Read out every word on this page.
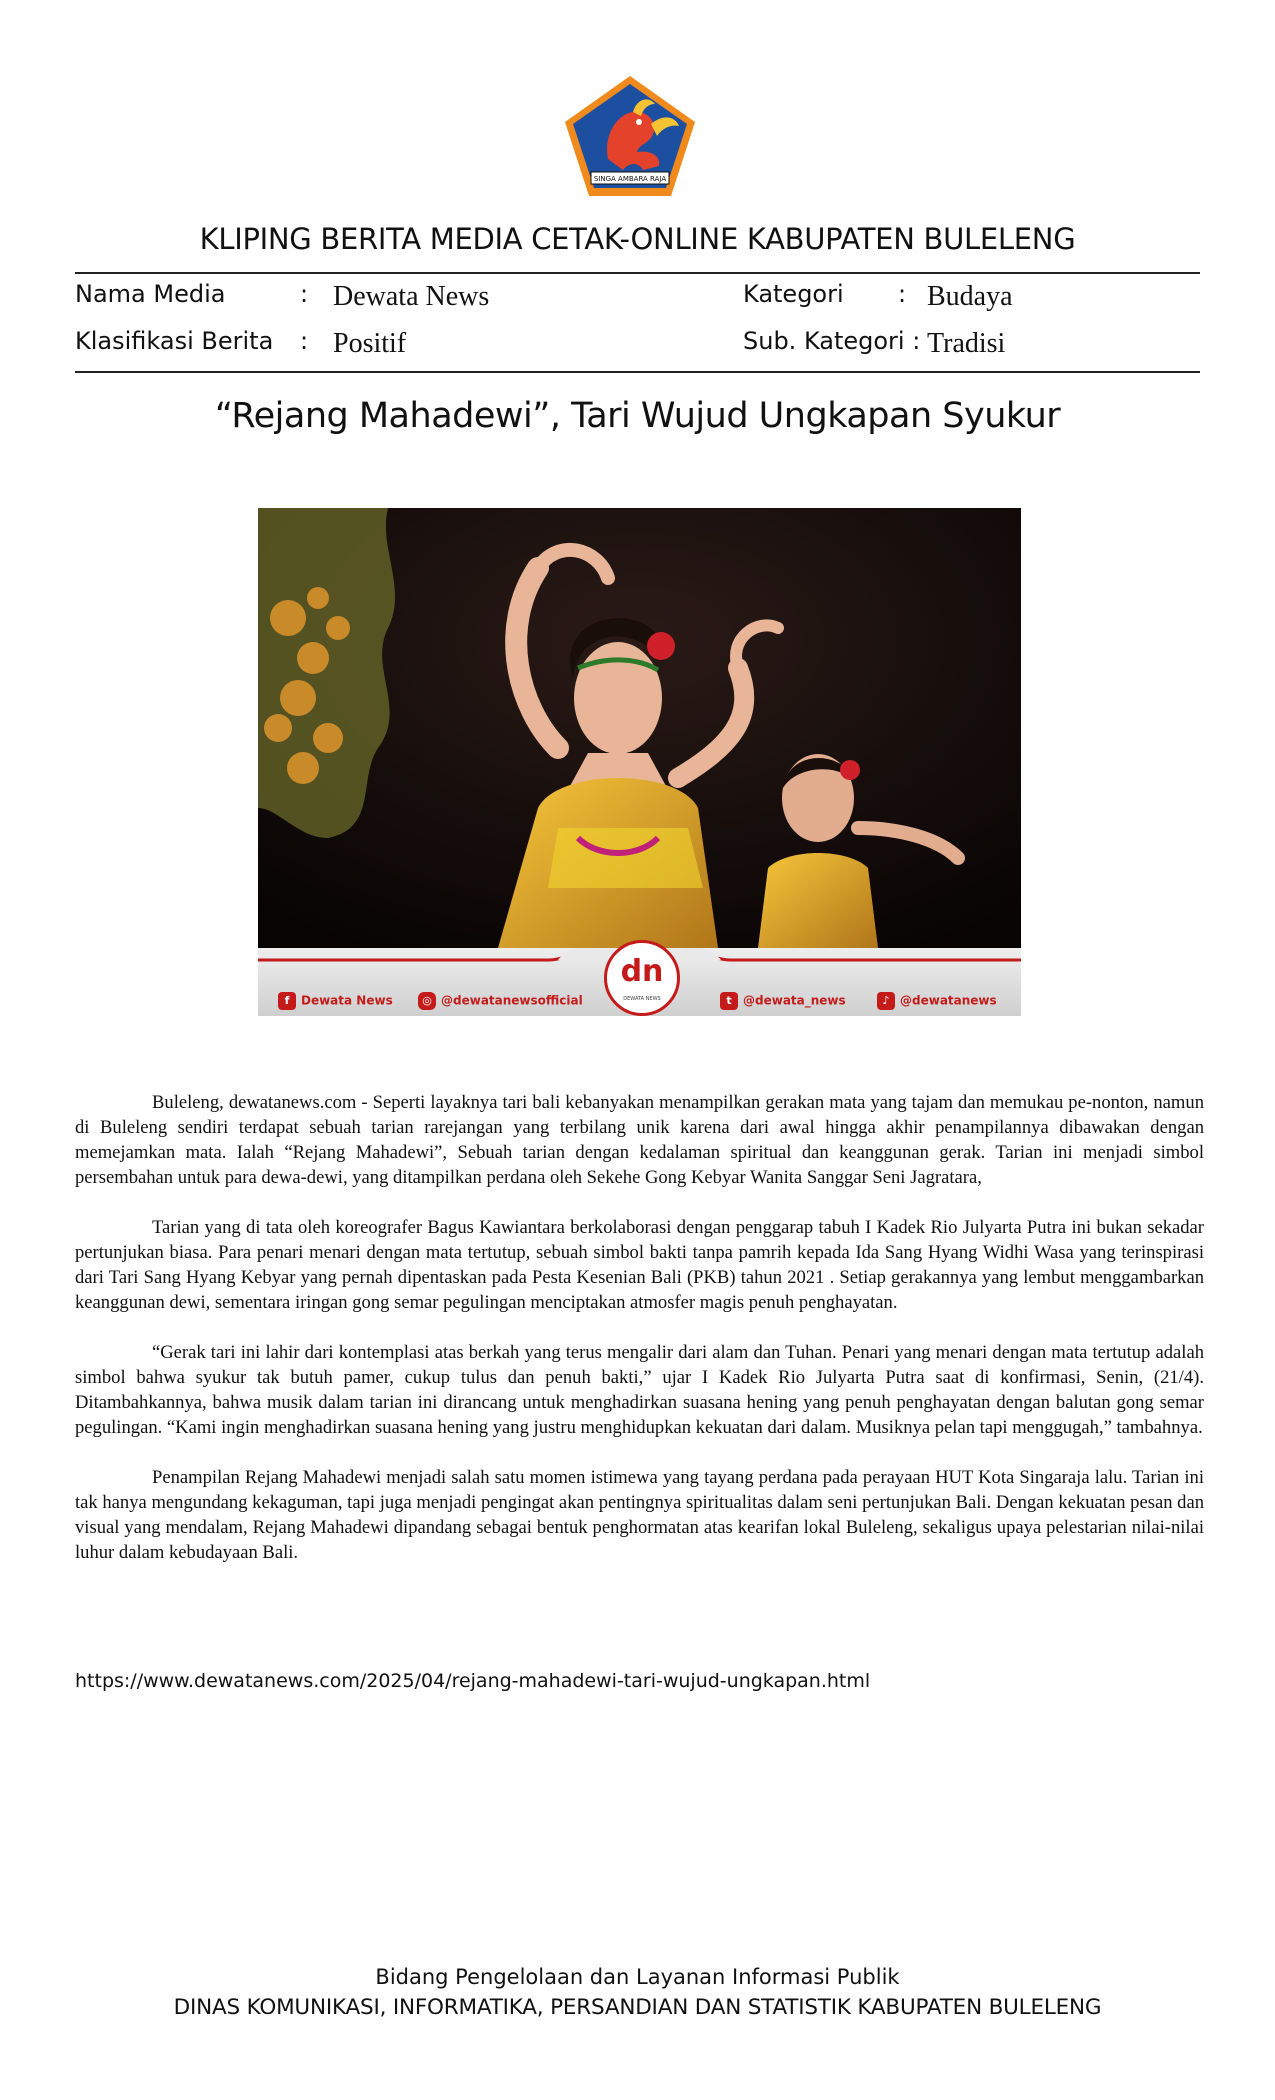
SINGA AMBARA RAJA
KLIPING BERITA MEDIA CETAK-ONLINE KABUPATEN BULELENG
Nama Media	: Dewata News
Klasifikasi Berita : Positif
Kategori : Budaya
Sub. Kategori : Tradisi
“Rejang Mahadewi”, Tari Wujud Ungkapan Syukur
dn
DEWATA NEWS
f Dewata News	◎ @dewatanewsofficial	t @dewata_news	♪ @dewatanews

Buleleng, dewatanews.com - Seperti layaknya tari bali kebanyakan menampilkan gerakan mata yang tajam dan memukau pe-nonton, namun di Buleleng sendiri terdapat sebuah tarian rarejangan yang terbilang unik karena dari awal hingga akhir penampilannya dibawakan dengan memejamkan mata. Ialah “Rejang Mahadewi”, Sebuah tarian dengan kedalaman spiritual dan keanggunan gerak. Tarian ini menjadi simbol persembahan untuk para dewa-dewi, yang ditampilkan perdana oleh Sekehe Gong Kebyar Wanita Sanggar Seni Jagratara,

Tarian yang di tata oleh koreografer Bagus Kawiantara berkolaborasi dengan penggarap tabuh I Kadek Rio Julyarta Putra ini bukan sekadar pertunjukan biasa. Para penari menari dengan mata tertutup, sebuah simbol bakti tanpa pamrih kepada Ida Sang Hyang Widhi Wasa yang terinspirasi dari Tari Sang Hyang Kebyar yang pernah dipentaskan pada Pesta Kesenian Bali (PKB) tahun 2021 . Setiap gerakannya yang lembut menggambarkan keanggunan dewi, sementara iringan gong semar pegulingan menciptakan atmosfer magis penuh penghayatan.

“Gerak tari ini lahir dari kontemplasi atas berkah yang terus mengalir dari alam dan Tuhan. Penari yang menari dengan mata tertutup adalah simbol bahwa syukur tak butuh pamer, cukup tulus dan penuh bakti,” ujar I Kadek Rio Julyarta Putra saat di konfirmasi, Senin, (21/4). Ditambahkannya, bahwa musik dalam tarian ini dirancang untuk menghadirkan suasana hening yang penuh penghayatan dengan balutan gong semar pegulingan. “Kami ingin menghadirkan suasana hening yang justru menghidupkan kekuatan dari dalam. Musiknya pelan tapi menggugah,” tambahnya.

Penampilan Rejang Mahadewi menjadi salah satu momen istimewa yang tayang perdana pada perayaan HUT Kota Singaraja lalu. Tarian ini tak hanya mengundang kekaguman, tapi juga menjadi pengingat akan pentingnya spiritualitas dalam seni pertunjukan Bali. Dengan kekuatan pesan dan visual yang mendalam, Rejang Mahadewi dipandang sebagai bentuk penghormatan atas kearifan lokal Buleleng, sekaligus upaya pelestarian nilai-nilai luhur dalam kebudayaan Bali.

https://www.dewatanews.com/2025/04/rejang-mahadewi-tari-wujud-ungkapan.html
Bidang Pengelolaan dan Layanan Informasi Publik
DINAS KOMUNIKASI, INFORMATIKA, PERSANDIAN DAN STATISTIK KABUPATEN BULELENG
